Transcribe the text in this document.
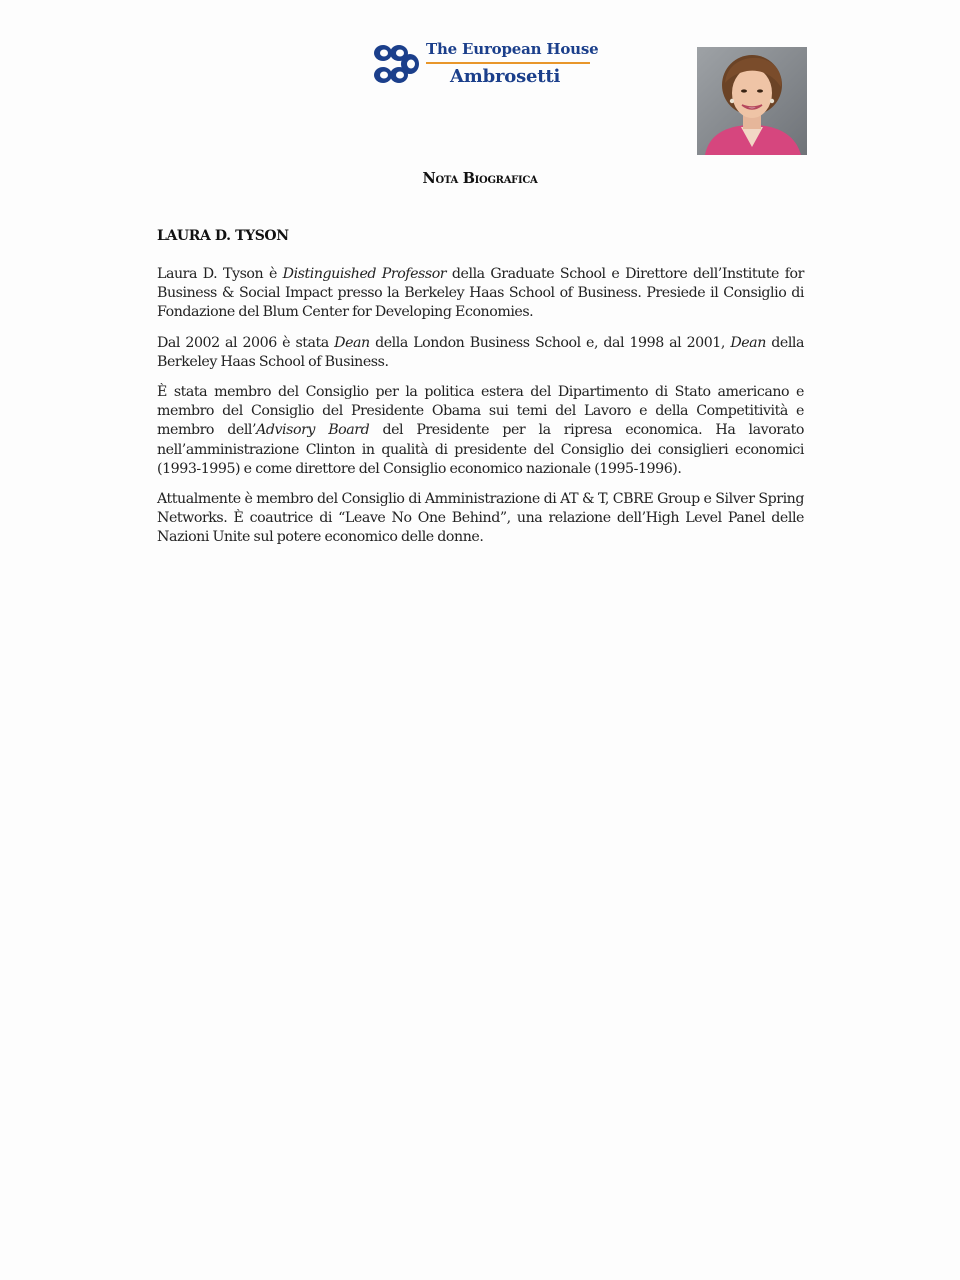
The European House
Ambrosetti
Nota Biografica
LAURA D. TYSON

Laura D. Tyson è Distinguished Professor della Graduate School e Direttore dell’Institute for Business & Social Impact presso la Berkeley Haas School of Business. Presiede il Consiglio di Fondazione del Blum Center for Developing Economies.

Dal 2002 al 2006 è stata Dean della London Business School e, dal 1998 al 2001, Dean della Berkeley Haas School of Business.

È stata membro del Consiglio per la politica estera del Dipartimento di Stato americano e membro del Consiglio del Presidente Obama sui temi del Lavoro e della Competitività e membro dell’Advisory Board del Presidente per la ripresa economica. Ha lavorato nell’amministrazione Clinton in qualità di presidente del Consiglio dei consiglieri economici (1993-1995) e come direttore del Consiglio economico nazionale (1995-1996).

Attualmente è membro del Consiglio di Amministrazione di AT & T, CBRE Group e Silver Spring Networks. È coautrice di “Leave No One Behind”, una relazione dell’High Level Panel delle Nazioni Unite sul potere economico delle donne.
